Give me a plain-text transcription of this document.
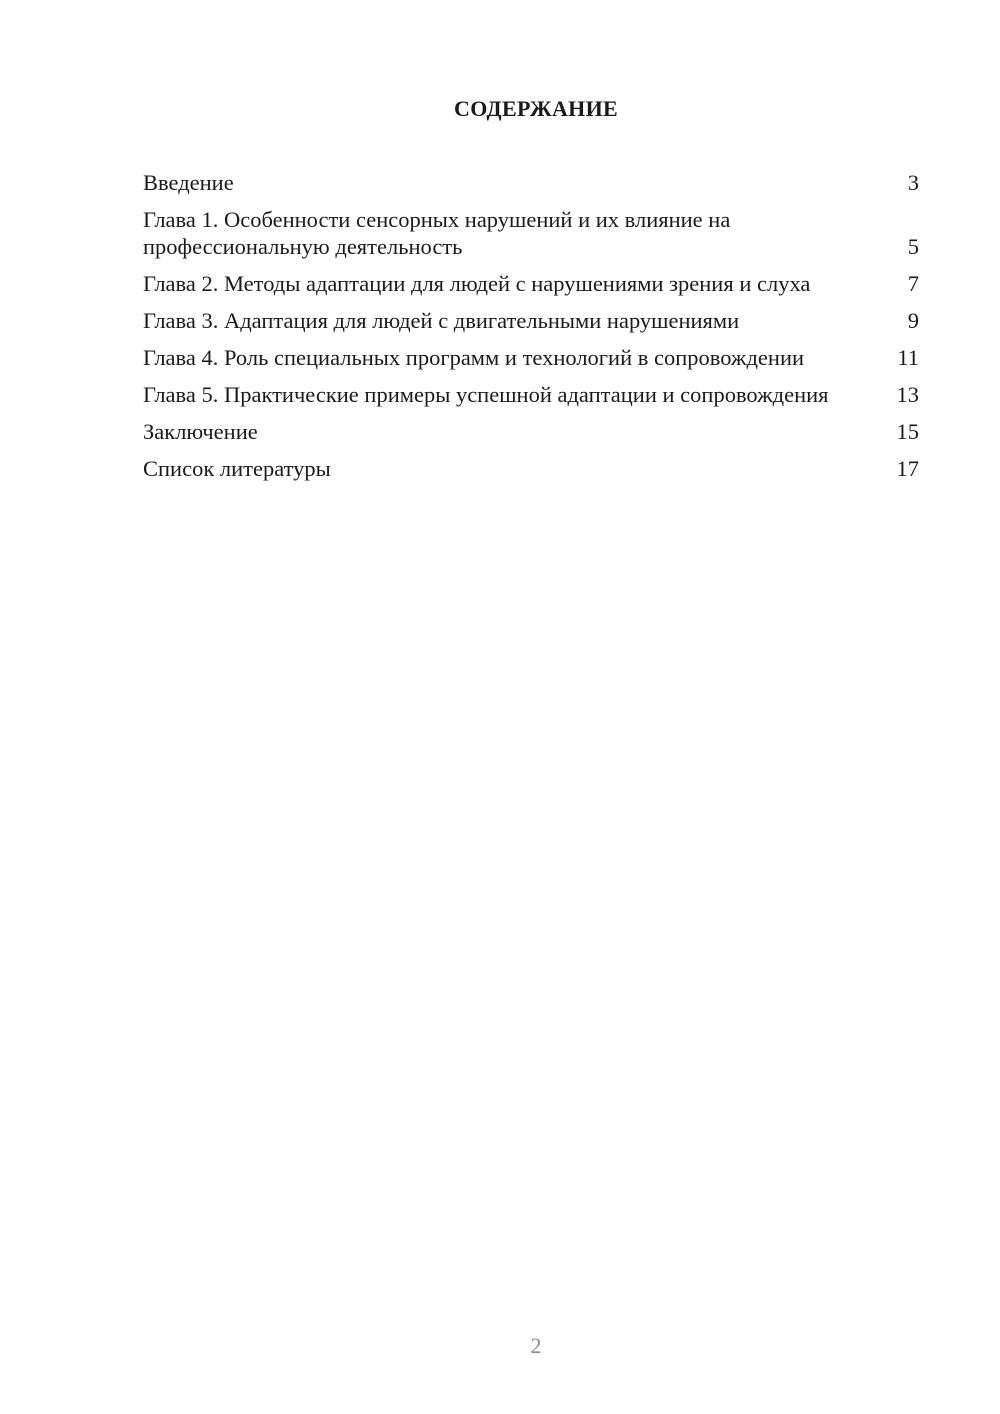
СОДЕРЖАНИЕ
Введение	3
Глава 1. Особенности сенсорных нарушений и их влияние на профессиональную деятельность	5
Глава 2. Методы адаптации для людей с нарушениями зрения и слуха	7
Глава 3. Адаптация для людей с двигательными нарушениями	9
Глава 4. Роль специальных программ и технологий в сопровождении	11
Глава 5. Практические примеры успешной адаптации и сопровождения	13
Заключение	15
Список литературы	17
2
